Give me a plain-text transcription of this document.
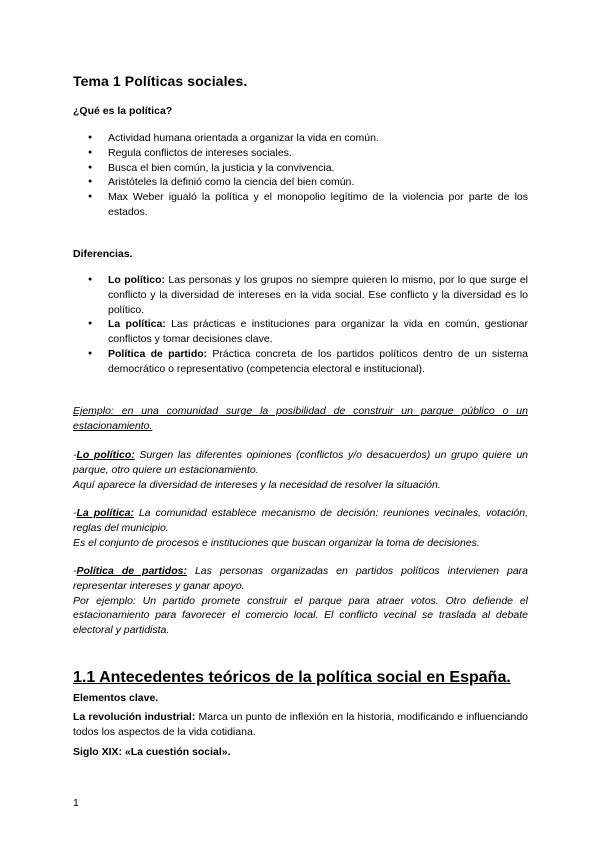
Tema 1 Políticas sociales.

¿Qué es la política?

● Actividad humana orientada a organizar la vida en común.
● Regula conflictos de intereses sociales.
● Busca el bien común, la justicia y la convivencia.
● Aristóteles la definió como la ciencia del bien común.
● Max Weber igualó la política y el monopolio legítimo de la violencia por parte de los estados.

Diferencias.

● Lo político: Las personas y los grupos no siempre quieren lo mismo, por lo que surge el conflicto y la diversidad de intereses en la vida social. Ese conflicto y la diversidad es lo político.
● La política: Las prácticas e instituciones para organizar la vida en común, gestionar conflictos y tomar decisiones clave.
● Política de partido: Práctica concreta de los partidos políticos dentro de un sistema democrático o representativo (competencia electoral e institucional).

Ejemplo: en una comunidad surge la posibilidad de construir un parque público o un estacionamiento.

-Lo político: Surgen las diferentes opiniones (conflictos y/o desacuerdos) un grupo quiere un parque, otro quiere un estacionamiento.

Aquí aparece la diversidad de intereses y la necesidad de resolver la situación.

-La política: La comunidad establece mecanismo de decisión: reuniones vecinales, votación, reglas del municipio.

Es el conjunto de procesos e instituciones que buscan organizar la toma de decisiones.

-Política de partidos: Las personas organizadas en partidos políticos intervienen para representar intereses y ganar apoyo.

Por ejemplo: Un partido promete construir el parque para atraer votos. Otro defiende el estacionamiento para favorecer el comercio local. El conflicto vecinal se traslada al debate electoral y partidista.

1.1 Antecedentes teóricos de la política social en España.

Elementos clave.

La revolución industrial: Marca un punto de inflexión en la historia, modificando e influenciando todos los aspectos de la vida cotidiana.

Siglo XIX: «La cuestión social».

1
